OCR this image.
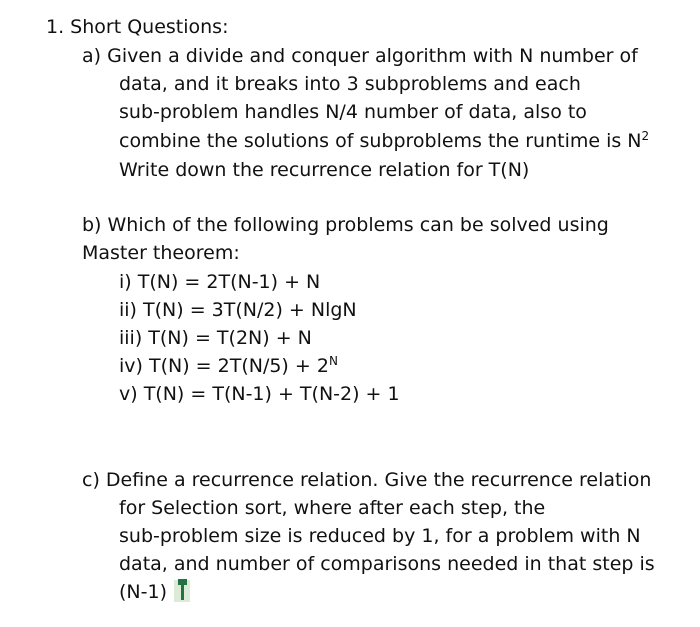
1. Short Questions:
a) Given a divide and conquer algorithm with N number of
data, and it breaks into 3 subproblems and each
sub-problem handles N/4 number of data, also to
combine the solutions of subproblems the runtime is $N^2$
Write down the recurrence relation for T(N)
b) Which of the following problems can be solved using
Master theorem:
i) T(N) = 2T(N-1) + N
ii) T(N) = 3T(N/2) + NlgN
iii) T(N) = T(2N) + N
iv) $T(N) = 2T(N/5) + 2^N$
v) T(N) = T(N-1) + T(N-2) + 1
c) Define a recurrence relation. Give the recurrence relation
for Selection sort, where after each step, the
sub-problem size is reduced by 1, for a problem with N
data, and number of comparisons needed in that step is
(N-1)
